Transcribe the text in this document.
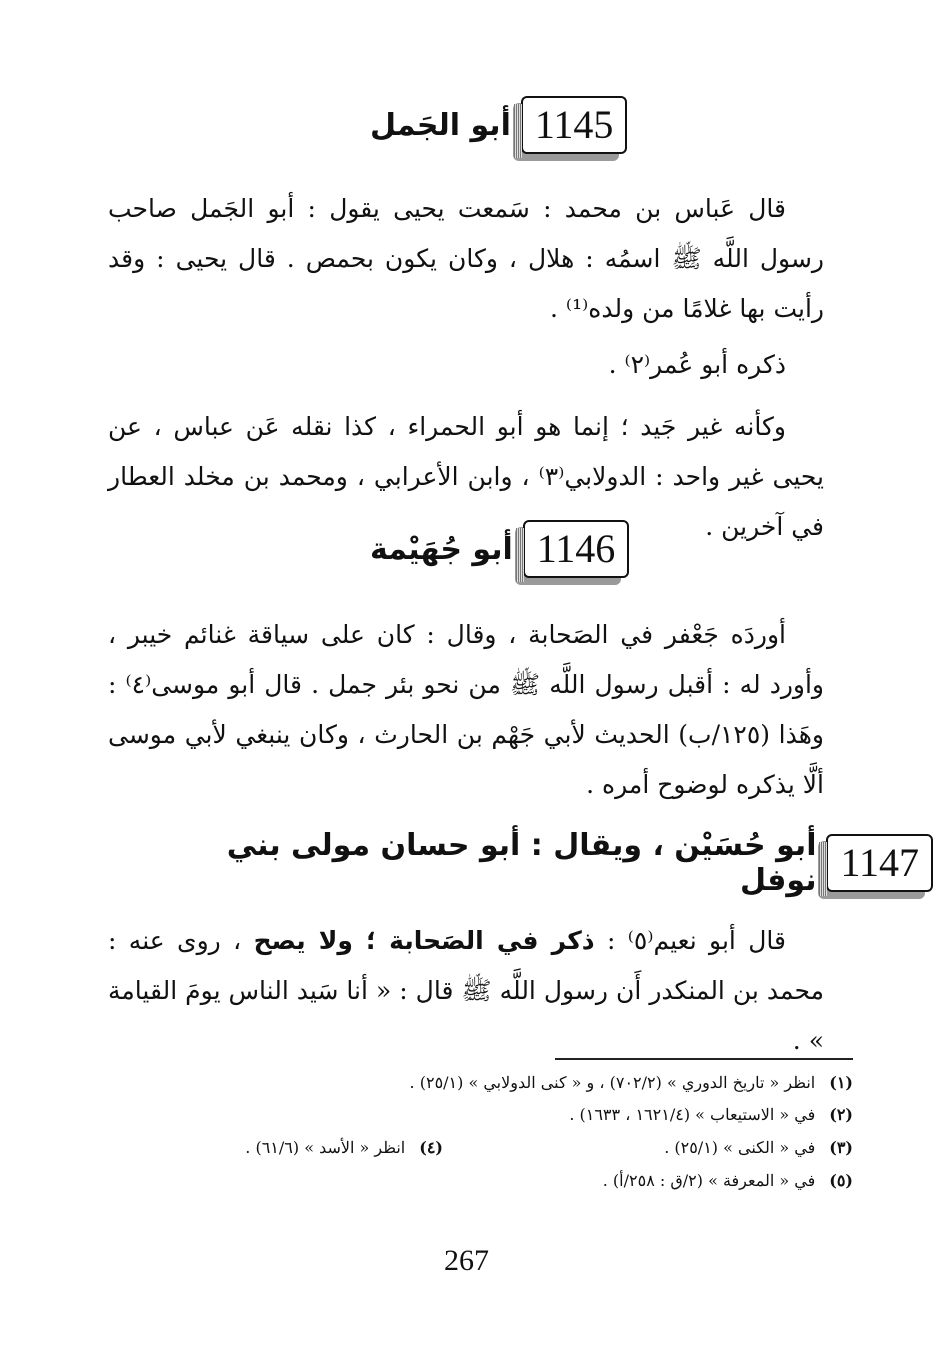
1145
أبو الجَمل

قال عَباس بن محمد : سَمعت يحيى يقول : أبو الجَمل صاحب رسول اللَّه ﷺ اسمُه : هلال ، وكان يكون بحمص . قال يحيى : وقد رأيت بها غلامًا من ولده⁽¹⁾ .

ذكره أبو عُمر⁽٢⁾ .

وكأنه غير جَيد ؛ إنما هو أبو الحمراء ، كذا نقله عَن عباس ، عن يحيى غير واحد : الدولابي⁽٣⁾ ، وابن الأعرابي ، ومحمد بن مخلد العطار في آخرين .

1146
أبو جُهَيْمة

أوردَه جَعْفر في الصَحابة ، وقال : كان على سياقة غنائم خيبر ، وأورد له : أقبل رسول اللَّه ﷺ من نحو بئر جمل . قال أبو موسى⁽٤⁾ : وهَذا (١٢٥/ب) الحديث لأبي جَهْم بن الحارث ، وكان ينبغي لأبي موسى ألَّا يذكره لوضوح أمره .

1147
أبو حُسَيْن ، ويقال : أبو حسان مولى بني نوفل

قال أبو نعيم⁽٥⁾ : ذكر في الصَحابة ؛ ولا يصح ، روى عنه : محمد بن المنكدر أَن رسول اللَّه ﷺ قال : « أنا سَيد الناس يومَ القيامة » .

(١)انظر « تاريخ الدوري » (٧٠٢/٢) ، و « كنى الدولابي » (٢٥/١) .
(٢)في « الاستيعاب » (١٦٢١/٤ ، ١٦٣٣) .
(٣)في « الكنى » (٢٥/١) .
(٤)انظر « الأسد » (٦١/٦) .
(٥)في « المعرفة » (٢/ق : ٢٥٨/أ) .
267
